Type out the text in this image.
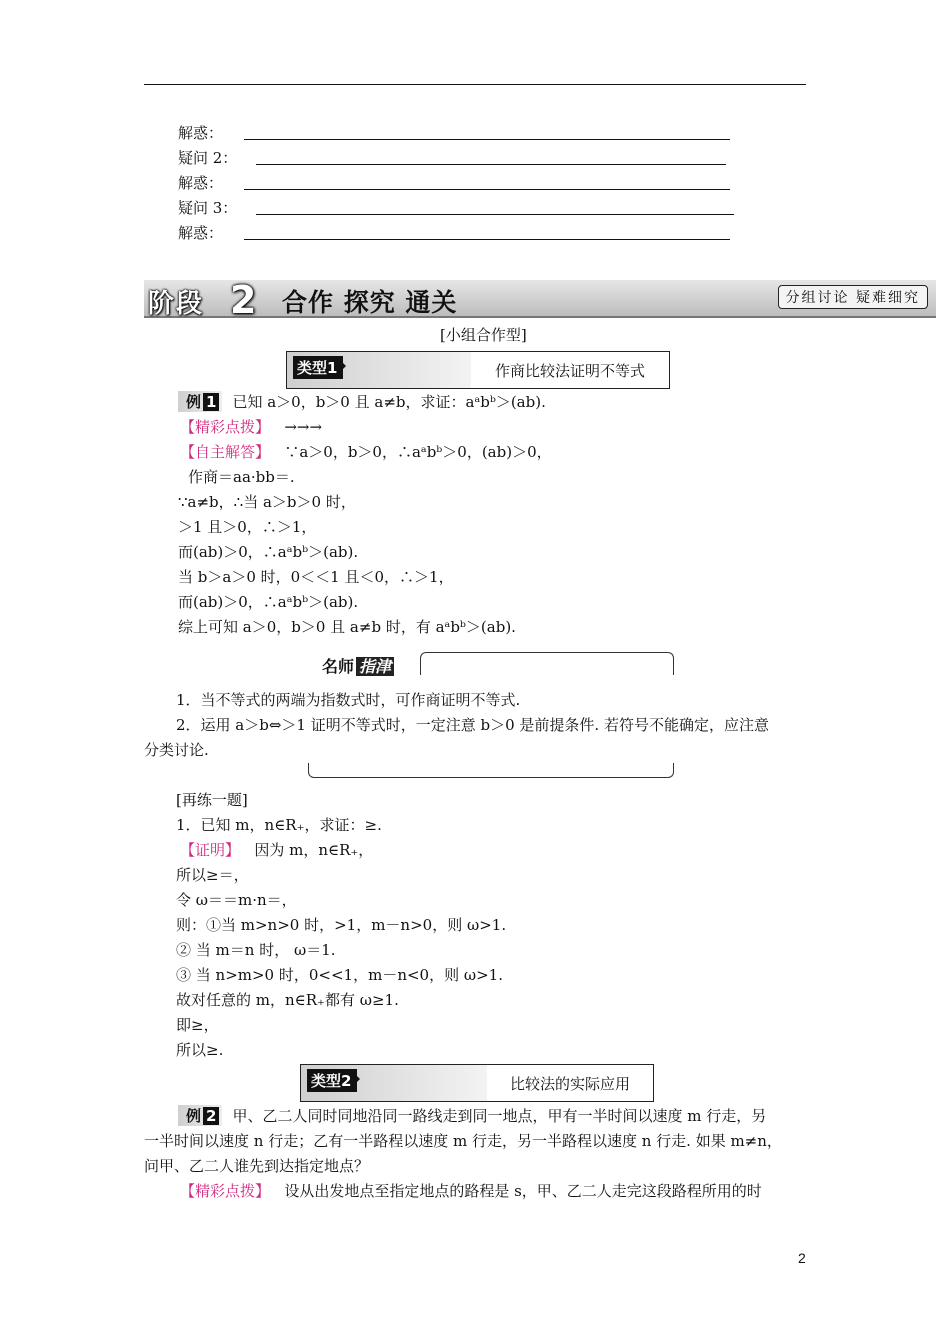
解惑：
疑问 2：
解惑：
疑问 3：
解惑：
阶段 2 合作 探究 通关	分组讨论 疑难细究
[小组合作型]
类型1	作商比较法证明不等式
例 1 已知 a＞0，b＞0 且 a≠b，求证：aᵃbᵇ＞(ab).
【精彩点拨】 →→→
【自主解答】 ∵a＞0，b＞0，∴aᵃbᵇ＞0，(ab)＞0，
作商＝aa·bb＝.
∵a≠b，∴当 a＞b＞0 时，
＞1 且＞0，∴＞1，
而(ab)＞0，∴aᵃbᵇ＞(ab).
当 b＞a＞0 时，0＜＜1 且＜0，∴＞1，
而(ab)＞0，∴aᵃbᵇ＞(ab).
综上可知 a＞0，b＞0 且 a≠b 时，有 aᵃbᵇ＞(ab).
名师 指津
1．当不等式的两端为指数式时，可作商证明不等式.
2．运用 a＞b⇔＞1 证明不等式时，一定注意 b＞0 是前提条件. 若符号不能确定，应注意
分类讨论.
[再练一题]
1．已知 m，n∈R₊，求证：≥.
【证明】 因为 m，n∈R₊，
所以≥＝，
令 ω＝＝m·n＝，
则：①当 m>n>0 时，>1，m－n>0，则 ω>1.
② 当 m＝n 时， ω＝1.
③ 当 n>m>0 时，0<<1，m－n<0，则 ω>1.
故对任意的 m，n∈R₊都有 ω≥1.
即≥，
所以≥.
类型2	比较法的实际应用
例 2 甲、乙二人同时同地沿同一路线走到同一地点，甲有一半时间以速度 m 行走，另
一半时间以速度 n 行走；乙有一半路程以速度 m 行走，另一半路程以速度 n 行走. 如果 m≠n，
问甲、乙二人谁先到达指定地点？
【精彩点拨】 设从出发地点至指定地点的路程是 s，甲、乙二人走完这段路程所用的时
2
